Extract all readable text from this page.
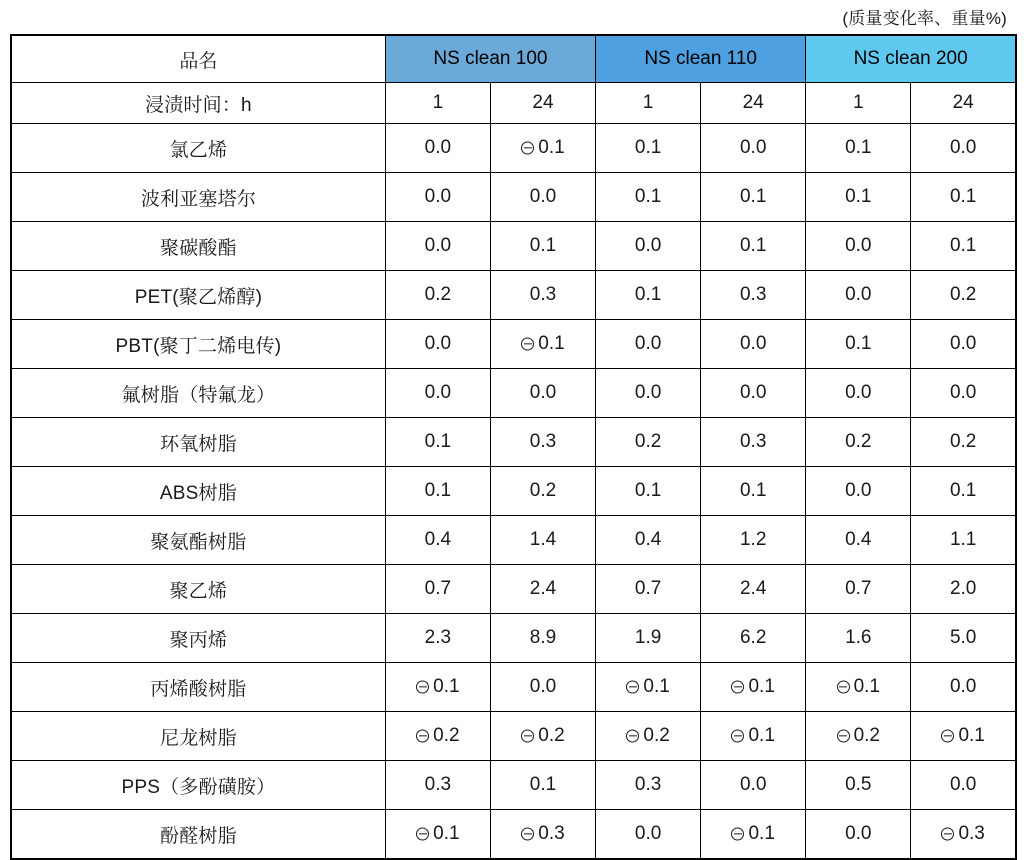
(质量变化率、重量%)
品名	NS clean 100		NS clean 110		NS clean 200	
浸渍时间：h	1	24	1	24	1	24
氯乙烯	0.0	0.1	0.1	0.0	0.1	0.0
波利亚塞塔尔	0.0	0.0	0.1	0.1	0.1	0.1
聚碳酸酯	0.0	0.1	0.0	0.1	0.0	0.1
PET(聚乙烯醇)	0.2	0.3	0.1	0.3	0.0	0.2
PBT(聚丁二烯电传)	0.0	0.1	0.0	0.0	0.1	0.0
氟树脂（特氟龙）	0.0	0.0	0.0	0.0	0.0	0.0
环氧树脂	0.1	0.3	0.2	0.3	0.2	0.2
ABS树脂	0.1	0.2	0.1	0.1	0.0	0.1
聚氨酯树脂	0.4	1.4	0.4	1.2	0.4	1.1
聚乙烯	0.7	2.4	0.7	2.4	0.7	2.0
聚丙烯	2.3	8.9	1.9	6.2	1.6	5.0
丙烯酸树脂	0.1	0.0	0.1	0.1	0.1	0.0
尼龙树脂	0.2	0.2	0.2	0.1	0.2	0.1
PPS（多酚磺胺）	0.3	0.1	0.3	0.0	0.5	0.0
酚醛树脂	0.1	0.3	0.0	0.1	0.0	0.3
